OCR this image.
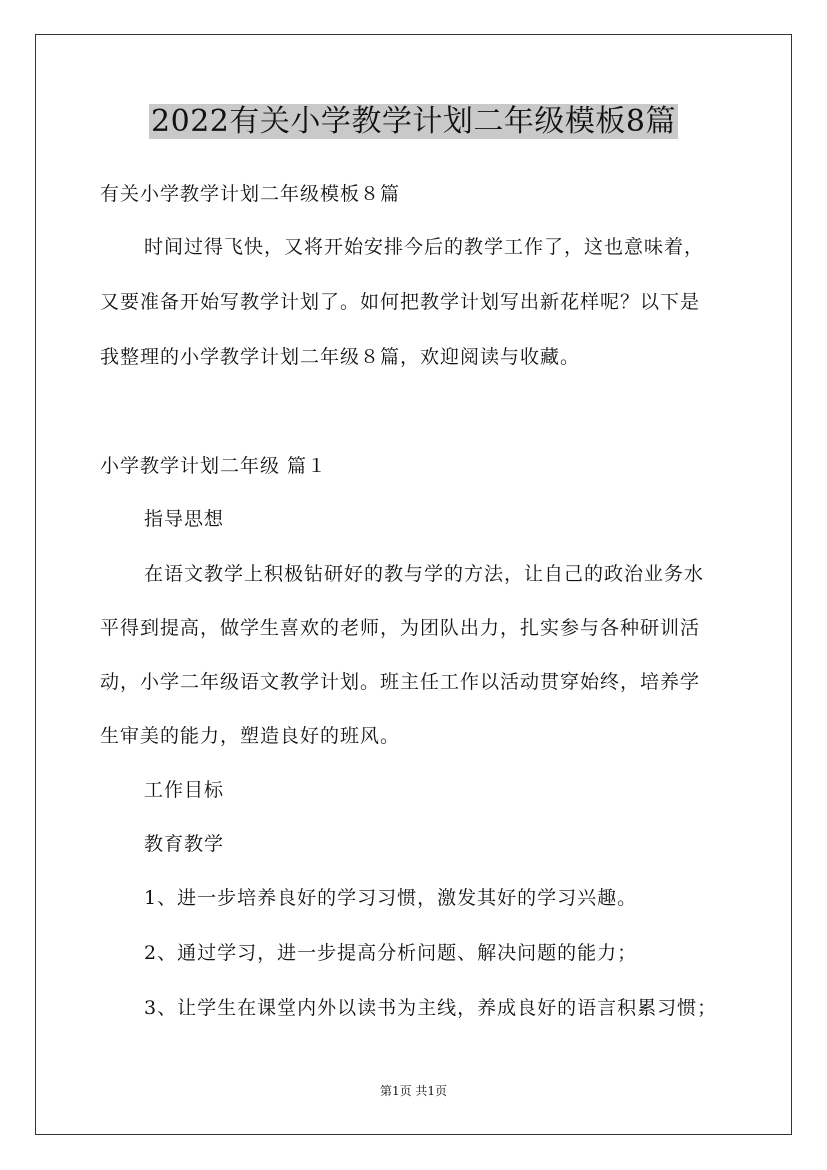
2022有关小学教学计划二年级模板8篇
有关小学教学计划二年级模板８篇
时间过得飞快，又将开始安排今后的教学工作了，这也意味着，
又要准备开始写教学计划了。如何把教学计划写出新花样呢？以下是
我整理的小学教学计划二年级８篇，欢迎阅读与收藏。
小学教学计划二年级 篇１
指导思想
在语文教学上积极钻研好的教与学的方法，让自己的政治业务水
平得到提高，做学生喜欢的老师，为团队出力，扎实参与各种研训活
动，小学二年级语文教学计划。班主任工作以活动贯穿始终，培养学
生审美的能力，塑造良好的班风。
工作目标
教育教学
1、进一步培养良好的学习习惯，激发其好的学习兴趣。
2、通过学习，进一步提高分析问题、解决问题的能力；
3、让学生在课堂内外以读书为主线，养成良好的语言积累习惯；
第1页 共1页
